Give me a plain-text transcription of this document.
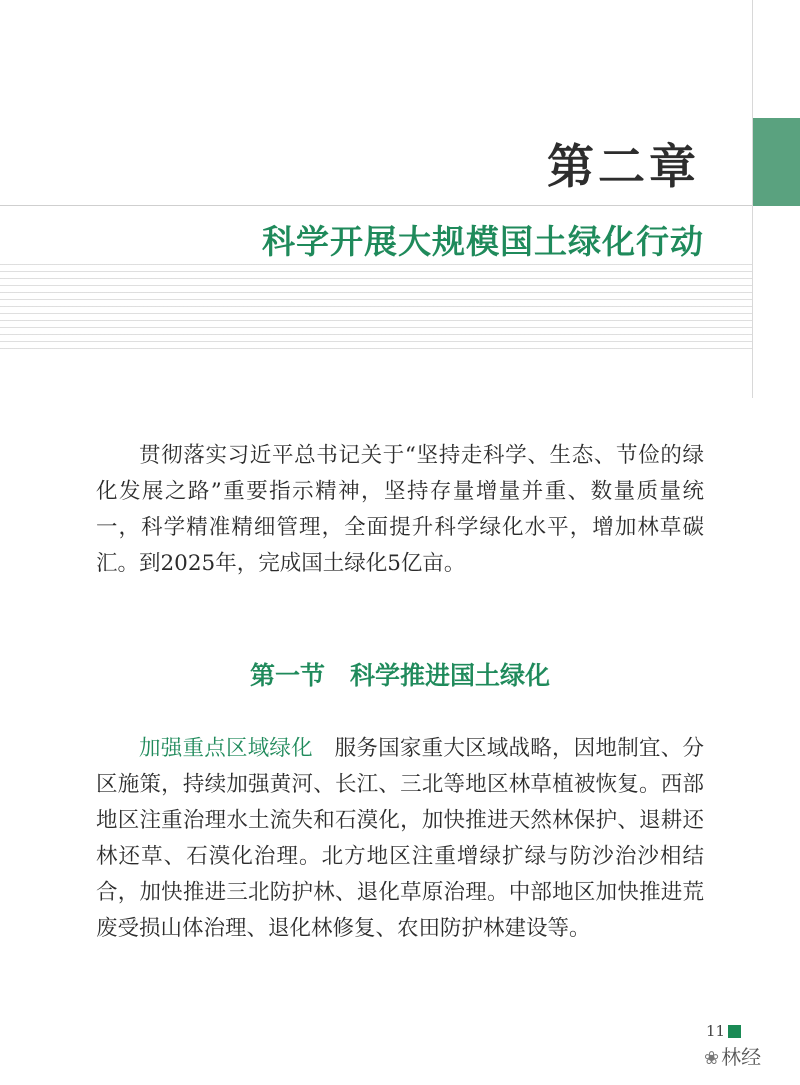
第二章
科学开展大规模国土绿化行动

贯彻落实习近平总书记关于“坚持走科学、生态、节俭的绿化发展之路”重要指示精神，坚持存量增量并重、数量质量统一，科学精准精细管理，全面提升科学绿化水平，增加林草碳汇。到2025年，完成国土绿化5亿亩。

第一节　科学推进国土绿化

加强重点区域绿化　 服务国家重大区域战略，因地制宜、分区施策，持续加强黄河、长江、三北等地区林草植被恢复。西部地区注重治理水土流失和石漠化，加快推进天然林保护、退耕还林还草、石漠化治理。北方地区注重增绿扩绿与防沙治沙相结合，加快推进三北防护林、退化草原治理。中部地区加快推进荒废受损山体治理、退化林修复、农田防护林建设等。

11
❀ 林经
